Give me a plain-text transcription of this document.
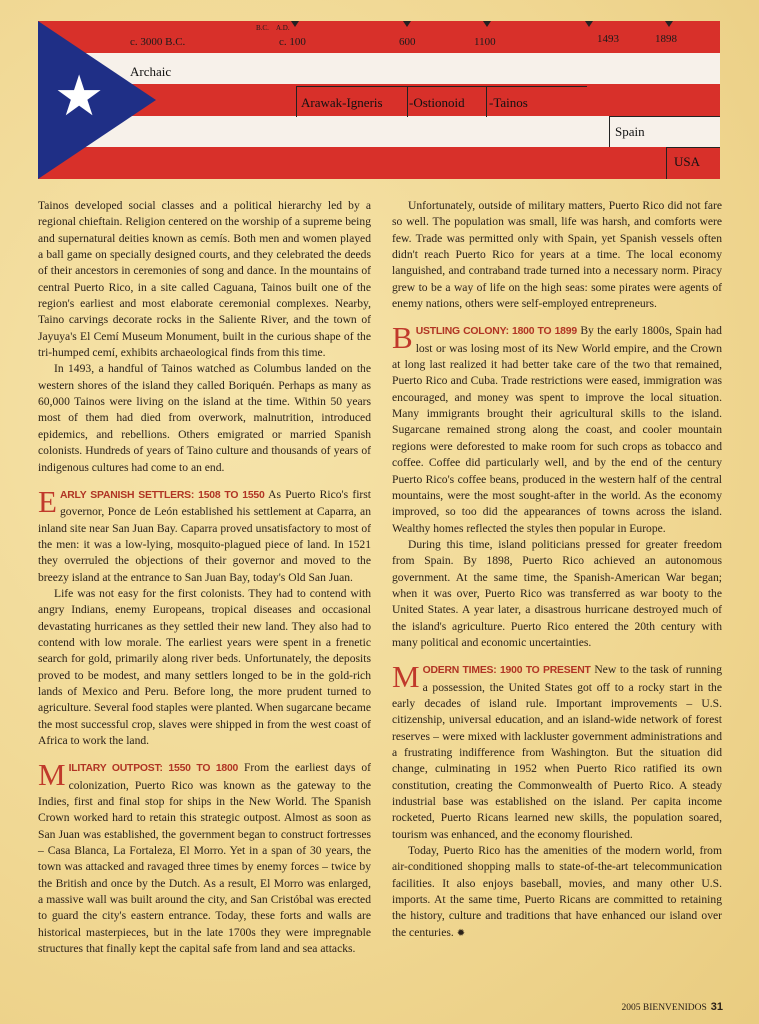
★
B.C. A.D.
c. 3000 B.C.	c. 100	600	1100	1493	1898
Archaic
Arawak-Igneris -Ostionoid -Tainos
Spain
USA

Tainos developed social classes and a political hierarchy led by a regional chieftain. Religion centered on the worship of a supreme being and supernatural deities known as cemís. Both men and women played a ball game on specially designed courts, and they celebrated the deeds of their ancestors in ceremonies of song and dance. In the mountains of central Puerto Rico, in a site called Caguana, Tainos built one of the region's earliest and most elaborate ceremonial complexes. Nearby, Taino carvings decorate rocks in the Saliente River, and the town of Jayuya's El Cemí Museum Monument, built in the curious shape of the tri-humped cemí, exhibits archaeological finds from this time.

In 1493, a handful of Tainos watched as Columbus landed on the western shores of the island they called Boriquén. Perhaps as many as 60,000 Tainos were living on the island at the time. Within 50 years most of them had died from overwork, malnutrition, introduced epidemics, and rebellions. Others emigrated or married Spanish colonists. Hundreds of years of Taino culture and thousands of years of indigenous cultures had come to an end.

EARLY SPANISH SETTLERS: 1508 TO 1550 As Puerto Rico's first governor, Ponce de León established his settlement at Caparra, an inland site near San Juan Bay. Caparra proved unsatisfactory to most of the men: it was a low-lying, mosquito-plagued piece of land. In 1521 they overruled the objections of their governor and moved to the breezy island at the entrance to San Juan Bay, today's Old San Juan.

Life was not easy for the first colonists. They had to contend with angry Indians, enemy Europeans, tropical diseases and occasional devastating hurricanes as they settled their new land. They also had to contend with low morale. The earliest years were spent in a frenetic search for gold, primarily along river beds. Unfortunately, the deposits proved to be modest, and many settlers longed to be in the gold-rich lands of Mexico and Peru. Before long, the more prudent turned to agriculture. Several food staples were planted. When sugarcane became the most successful crop, slaves were shipped in from the west coast of Africa to work the land.

MILITARY OUTPOST: 1550 TO 1800 From the earliest days of colonization, Puerto Rico was known as the gateway to the Indies, first and final stop for ships in the New World. The Spanish Crown worked hard to retain this strategic outpost. Almost as soon as San Juan was established, the government began to construct fortresses – Casa Blanca, La Fortaleza, El Morro. Yet in a span of 30 years, the town was attacked and ravaged three times by enemy forces – twice by the British and once by the Dutch. As a result, El Morro was enlarged, a massive wall was built around the city, and San Cristóbal was erected to guard the city's eastern entrance. Today, these forts and walls are historical masterpieces, but in the late 1700s they were impregnable structures that finally kept the capital safe from land and sea attacks.

Unfortunately, outside of military matters, Puerto Rico did not fare so well. The population was small, life was harsh, and comforts were few. Trade was permitted only with Spain, yet Spanish vessels often didn't reach Puerto Rico for years at a time. The local economy languished, and contraband trade turned into a necessary norm. Piracy grew to be a way of life on the high seas: some pirates were agents of enemy nations, others were self-employed entrepreneurs.

BUSTLING COLONY: 1800 TO 1899 By the early 1800s, Spain had lost or was losing most of its New World empire, and the Crown at long last realized it had better take care of the two that remained, Puerto Rico and Cuba. Trade restrictions were eased, immigration was encouraged, and money was spent to improve the local situation. Many immigrants brought their agricultural skills to the island. Sugarcane remained strong along the coast, and cooler mountain regions were deforested to make room for such crops as tobacco and coffee. Coffee did particularly well, and by the end of the century Puerto Rico's coffee beans, produced in the western half of the central mountains, were the most sought-after in the world. As the economy improved, so too did the appearances of towns across the island. Wealthy homes reflected the styles then popular in Europe.

During this time, island politicians pressed for greater freedom from Spain. By 1898, Puerto Rico achieved an autonomous government. At the same time, the Spanish-American War began; when it was over, Puerto Rico was transferred as war booty to the United States. A year later, a disastrous hurricane destroyed much of the island's agriculture. Puerto Rico entered the 20th century with many political and economic uncertainties.

MODERN TIMES: 1900 TO PRESENT New to the task of running a possession, the United States got off to a rocky start in the early decades of island rule. Important improvements – U.S. citizenship, universal education, and an island-wide network of forest reserves – were mixed with lackluster government administrations and a frustrating indifference from Washington. But the situation did change, culminating in 1952 when Puerto Rico ratified its own constitution, creating the Commonwealth of Puerto Rico. A steady industrial base was established on the island. Per capita income rocketed, Puerto Ricans learned new skills, the population soared, tourism was enhanced, and the economy flourished.

Today, Puerto Rico has the amenities of the modern world, from air-conditioned shopping malls to state-of-the-art telecommunication facilities. It also enjoys baseball, movies, and many other U.S. imports. At the same time, Puerto Ricans are committed to retaining the history, culture and traditions that have enhanced our island over the centuries. ✹

2005 BIENVENIDOS 31
